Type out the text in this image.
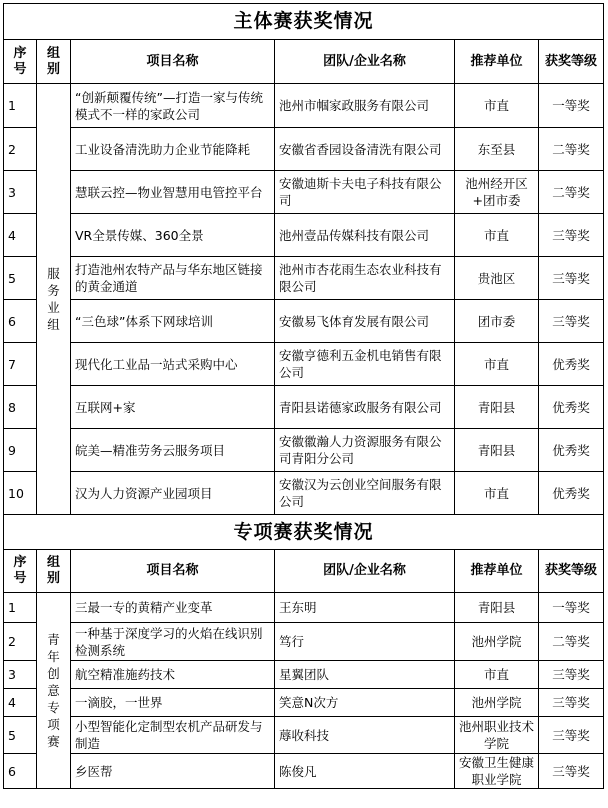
主体赛获奖情况					
序号	组别	项目名称	团队/企业名称	推荐单位	获奖等级
1	服务业组	“创新颠覆传统”—打造一家与传统模式不一样的家政公司	池州市帼家政服务有限公司	市直	一等奖
2		工业设备清洗助力企业节能降耗	安徽省香园设备清洗有限公司	东至县	二等奖
3		慧联云控—物业智慧用电管控平台	安徽迪斯卡夫电子科技有限公司	池州经开区+团市委	二等奖
4		VR全景传媒、360全景	池州壹品传媒科技有限公司	市直	三等奖
5		打造池州农特产品与华东地区链接的黄金通道	池州市杏花雨生态农业科技有限公司	贵池区	三等奖
6		“三色球”体系下网球培训	安徽易飞体育发展有限公司	团市委	三等奖
7		现代化工业品一站式采购中心	安徽亨德利五金机电销售有限公司	市直	优秀奖
8		互联网+家	青阳县诺德家政服务有限公司	青阳县	优秀奖
9		皖美—精准劳务云服务项目	安徽徽瀚人力资源服务有限公司青阳分公司	青阳县	优秀奖
10		汉为人力资源产业园项目	安徽汉为云创业空间服务有限公司	市直	优秀奖
专项赛获奖情况					
序号	组别	项目名称	团队/企业名称	推荐单位	获奖等级
1	青年创意专项赛	三最一专的黄精产业变革	王东明	青阳县	一等奖
2		一种基于深度学习的火焰在线识别检测系统	笃行	池州学院	二等奖
3		航空精准施药技术	星翼团队	市直	三等奖
4		一滴胶，一世界	笑意N次方	池州学院	三等奖
5		小型智能化定制型农机产品研发与制造	蓐收科技	池州职业技术学院	三等奖
6		乡医帮	陈俊凡	安徽卫生健康职业学院	三等奖
